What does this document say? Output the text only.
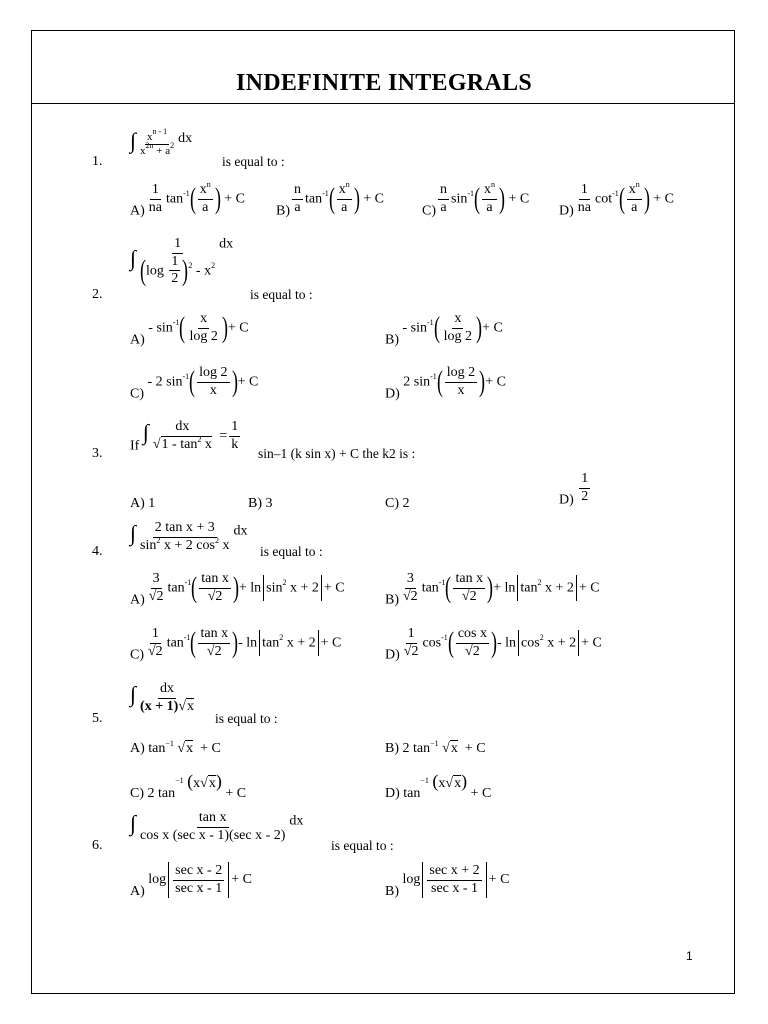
INDEFINITE INTEGRALS
1.
∫ $\frac{x^{n - 1}}{x^{2n} + a^2}$ dx
is equal to :
$A) \frac{1}{na} \tan^{-1}( \frac{x^n}{a}$ ) + C
$B) \frac{n}{a} \tan^{-1}( \frac{x^n}{a}$ ) + C
$C) \frac{n}{a} \sin^{-1}( \frac{x^n}{a}$ ) + C
$D) \frac{1}{na} \cot^{-1}( \frac{x^n}{a}$ ) + C
2.
∫ $\frac{1}{(\log \frac{1}{2} )^2 - x^2}$ dx
is equal to :
$A) - \sin^{-1}( \frac{x}{\log 2}$ )+ C
$B) - \sin^{-1}( \frac{x}{\log 2}$ )+ C
C) - 2 $\sin^{-1}( \frac{\log 2}{x}$ )+ C
D) 2 $\sin^{-1}( \frac{\log 2}{x}$ )+ C
3.
If ∫ $\frac{dx}{√1 - \tan^2 x} = \frac{1}{k}$
sin–1 (k sin x) + C the k2 is :
A) 1	B) 3	C) 2	$D) \frac{1}{2}$
4.
∫ $\frac{\text{2 tan x + 3}}{\sin^2 x + 2 \cos^2 x}$ dx
is equal to :
$A) \frac{3}{√2} \tan^{-1}( \frac{\text{tan x}}{√2}$ )+ $\ln \sin^2 x + 2 + C$
$B) \frac{3}{√2} \tan^{-1}( \frac{\text{tan x}}{√2}$ )+ $\ln \tan^2 x + 2 + C$
$C) \frac{1}{√2} \tan^{-1}( \frac{\text{tan x}}{√2}$ )- $\ln \tan^2 x + 2 + C$
$D) \frac{1}{√2} \cos^{-1}( \frac{\text{cos x}}{√2}$ )- $\ln \cos^2 x + 2 + C$
5.
∫ $\frac{dx}{(x + 1)√x}$
is equal to :
A) $\tan^{-1} √x + C$	B) 2 $\tan^{-1} √x + C$
C) 2 $\tan^{-1} (x√x) + C$	D) $\tan^{-1} (x√x) + C$
6.
∫ $\frac{\text{tan x}}{\text{cos x (sec x - 1)(sec x - 2)}}$ dx
is equal to :
A) $\log \frac{\text{sec x - 2}}{\text{sec x - 1}} + C$
B) $\log \frac{\text{sec x + 2}}{\text{sec x - 1}} + C$
1
